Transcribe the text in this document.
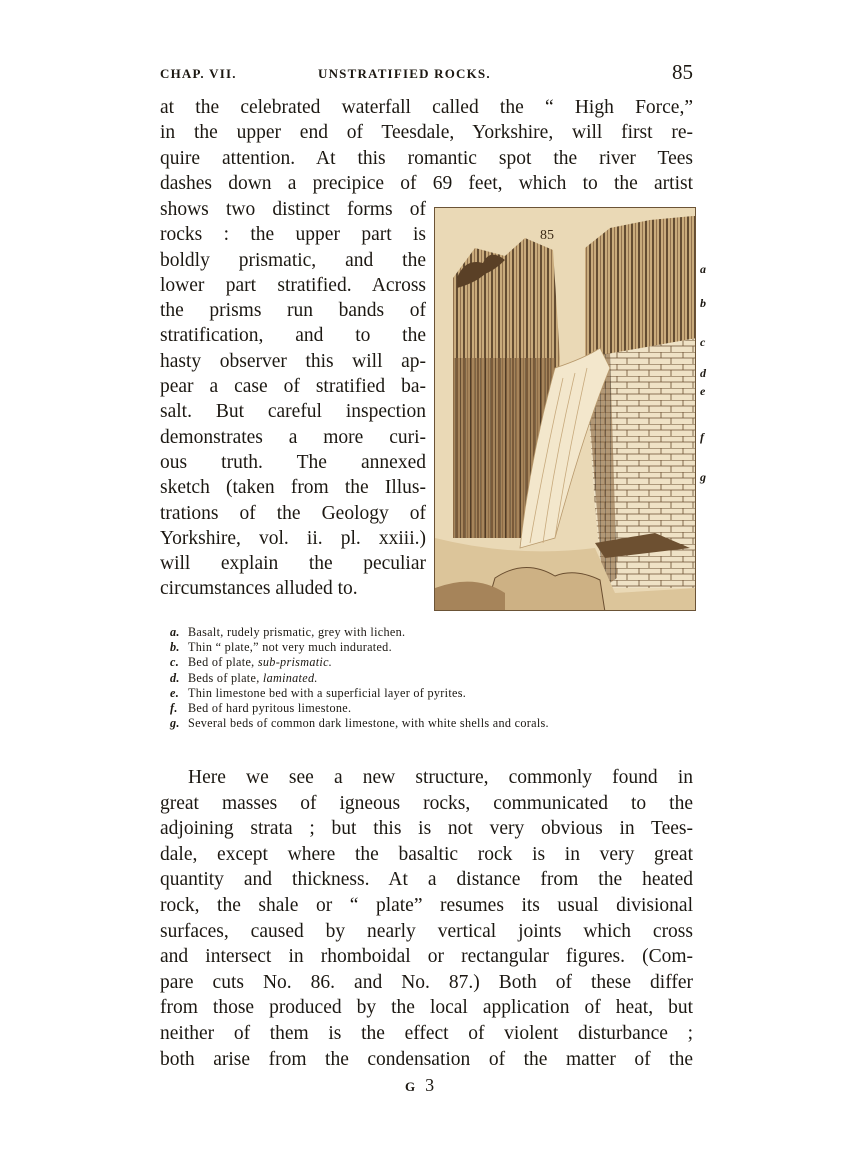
CHAP. VII.	UNSTRATIFIED ROCKS.	85
at the celebrated waterfall called the “ High Force,”
in the upper end of Teesdale, Yorkshire, will first re-
quire attention. At this romantic spot the river Tees
dashes down a precipice of 69 feet, which to the artist
shows two distinct forms of
rocks : the upper part is
boldly prismatic, and the
lower part stratified. Across
the prisms run bands of
stratification, and to the
hasty observer this will ap-
pear a case of stratified ba-
salt. But careful inspection
demonstrates a more curi-
ous truth. The annexed
sketch (taken from the Illus-
trations of the Geology of
Yorkshire, vol. ii. pl. xxiii.)
will explain the peculiar
circumstances alluded to.
85
a
b
c
d
e
f
g
a. Basalt, rudely prismatic, grey with lichen.
b. Thin “ plate,” not very much indurated.
c. Bed of plate, sub-prismatic.
d. Beds of plate, laminated.
e. Thin limestone bed with a superficial layer of pyrites.
f. Bed of hard pyritous limestone.
g. Several beds of common dark limestone, with white shells and corals.
Here we see a new structure, commonly found in
great masses of igneous rocks, communicated to the
adjoining strata ; but this is not very obvious in Tees-
dale, except where the basaltic rock is in very great
quantity and thickness. At a distance from the heated
rock, the shale or “ plate” resumes its usual divisional
surfaces, caused by nearly vertical joints which cross
and intersect in rhomboidal or rectangular figures. (Com-
pare cuts No. 86. and No. 87.) Both of these differ
from those produced by the local application of heat, but
neither of them is the effect of violent disturbance ;
both arise from the condensation of the matter of the
G 3
